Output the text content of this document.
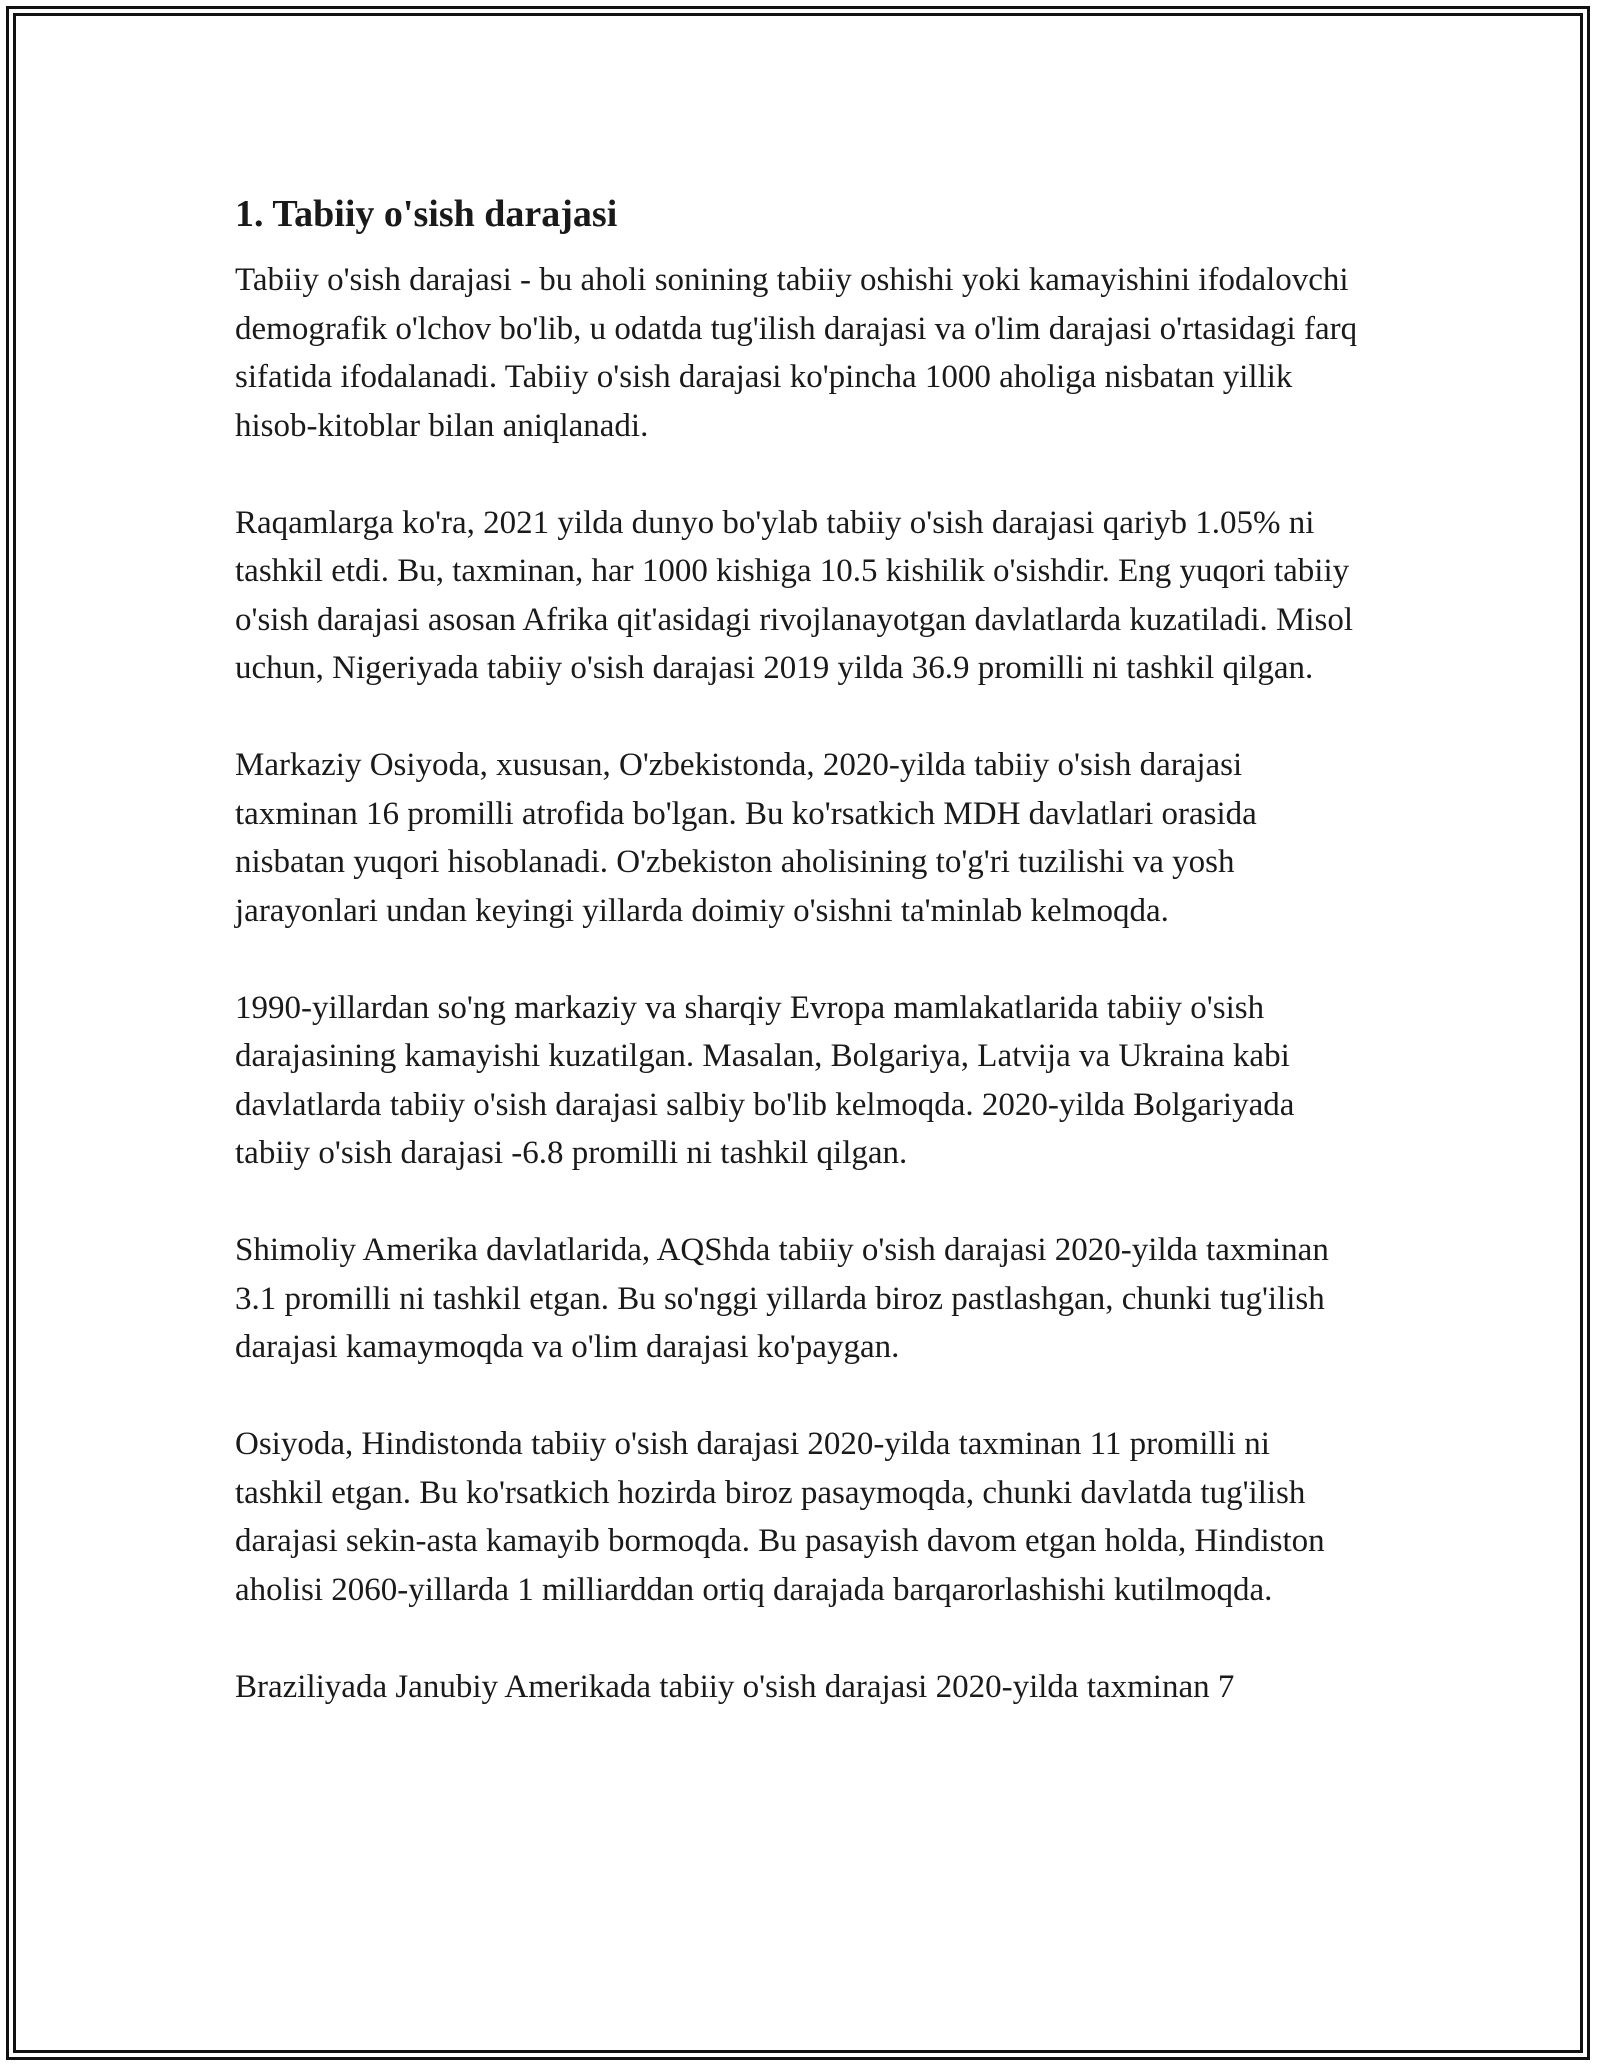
1. Tabiiy o'sish darajasi

Tabiiy o'sish darajasi - bu aholi sonining tabiiy oshishi yoki kamayishini ifodalovchi demografik o'lchov bo'lib, u odatda tug'ilish darajasi va o'lim darajasi o'rtasidagi farq sifatida ifodalanadi. Tabiiy o'sish darajasi ko'pincha 1000 aholiga nisbatan yillik hisob-kitoblar bilan aniqlanadi.

Raqamlarga ko'ra, 2021 yilda dunyo bo'ylab tabiiy o'sish darajasi qariyb 1.05% ni tashkil etdi. Bu, taxminan, har 1000 kishiga 10.5 kishilik o'sishdir. Eng yuqori tabiiy o'sish darajasi asosan Afrika qit'asidagi rivojlanayotgan davlatlarda kuzatiladi. Misol uchun, Nigeriyada tabiiy o'sish darajasi 2019 yilda 36.9 promilli ni tashkil qilgan.

Markaziy Osiyoda, xususan, O'zbekistonda, 2020-yilda tabiiy o'sish darajasi taxminan 16 promilli atrofida bo'lgan. Bu ko'rsatkich MDH davlatlari orasida nisbatan yuqori hisoblanadi. O'zbekiston aholisining to'g'ri tuzilishi va yosh jarayonlari undan keyingi yillarda doimiy o'sishni ta'minlab kelmoqda.

1990-yillardan so'ng markaziy va sharqiy Evropa mamlakatlarida tabiiy o'sish darajasining kamayishi kuzatilgan. Masalan, Bolgariya, Latvija va Ukraina kabi davlatlarda tabiiy o'sish darajasi salbiy bo'lib kelmoqda. 2020-yilda Bolgariyada tabiiy o'sish darajasi -6.8 promilli ni tashkil qilgan.

Shimoliy Amerika davlatlarida, AQShda tabiiy o'sish darajasi 2020-yilda taxminan 3.1 promilli ni tashkil etgan. Bu so'nggi yillarda biroz pastlashgan, chunki tug'ilish darajasi kamaymoqda va o'lim darajasi ko'paygan.

Osiyoda, Hindistonda tabiiy o'sish darajasi 2020-yilda taxminan 11 promilli ni tashkil etgan. Bu ko'rsatkich hozirda biroz pasaymoqda, chunki davlatda tug'ilish darajasi sekin-asta kamayib bormoqda. Bu pasayish davom etgan holda, Hindiston aholisi 2060-yillarda 1 milliarddan ortiq darajada barqarorlashishi kutilmoqda.

Braziliyada Janubiy Amerikada tabiiy o'sish darajasi 2020-yilda taxminan 7
